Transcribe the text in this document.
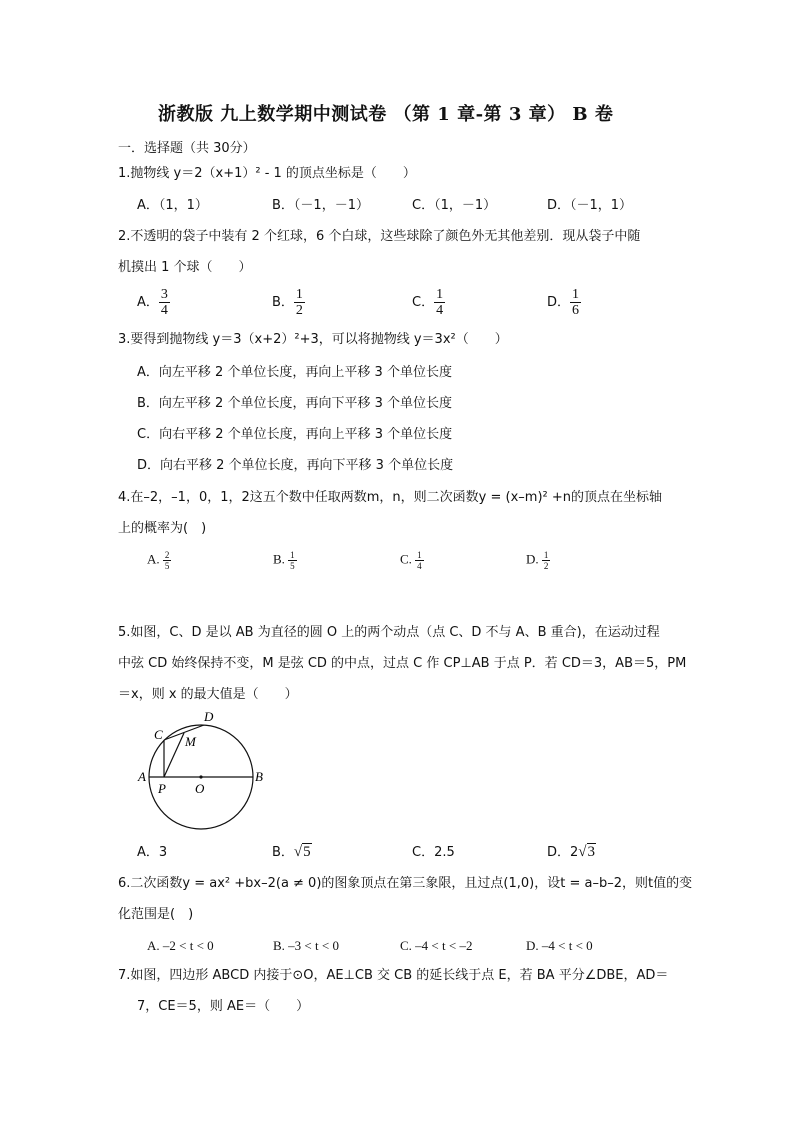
浙教版 九上数学期中测试卷 （第 1 章-第 3 章） B 卷
一．选择题（共 30分）
1.抛物线 y＝2（x+1）² - 1 的顶点坐标是（　　）
A．（1，1）	B．（－1，－1）	C．（1，－1）	D．（－1，1）
2.不透明的袋子中装有 2 个红球，6 个白球，这些球除了颜色外无其他差别．现从袋子中随
机摸出 1 个球（　　）
A． $\frac{3}{4}$	B． $\frac{1}{2}$	C． $\frac{1}{4}$	D． $\frac{1}{6}$
3.要得到抛物线 y＝3（x+2）²+3，可以将抛物线 y＝3x²（　　）
A．向左平移 2 个单位长度，再向上平移 3 个单位长度
B．向左平移 2 个单位长度，再向下平移 3 个单位长度
C．向右平移 2 个单位长度，再向上平移 3 个单位长度
D．向右平移 2 个单位长度，再向下平移 3 个单位长度
4.在–2，–1，0，1，2这五个数中任取两数m，n，则二次函数y = (x–m)² +n的顶点在坐标轴
上的概率为(　)
A. $\frac{2}{5}$	B. $\frac{1}{5}$	C. $\frac{1}{4}$	D. $\frac{1}{2}$
5.如图，C、D 是以 AB 为直径的圆 O 上的两个动点（点 C、D 不与 A、B 重合)，在运动过程
中弦 CD 始终保持不变，M 是弦 CD 的中点，过点 C 作 CP⊥AB 于点 P．若 CD＝3，AB＝5，PM
＝x，则 x 的最大值是（　　）
A	B
C
D
M
O
P
A．3	B．√5	C．2.5	D．2√3
6.二次函数y = ax² +bx–2(a ≠ 0)的图象顶点在第三象限，且过点(1,0)，设t = a–b–2，则t值的变
化范围是(　)
A. –2 < t < 0	B. –3 < t < 0	C. –4 < t < –2	D. –4 < t < 0
7.如图，四边形 ABCD 内接于⊙O，AE⊥CB 交 CB 的延长线于点 E，若 BA 平分∠DBE，AD＝
7，CE＝5，则 AE＝（　　）
